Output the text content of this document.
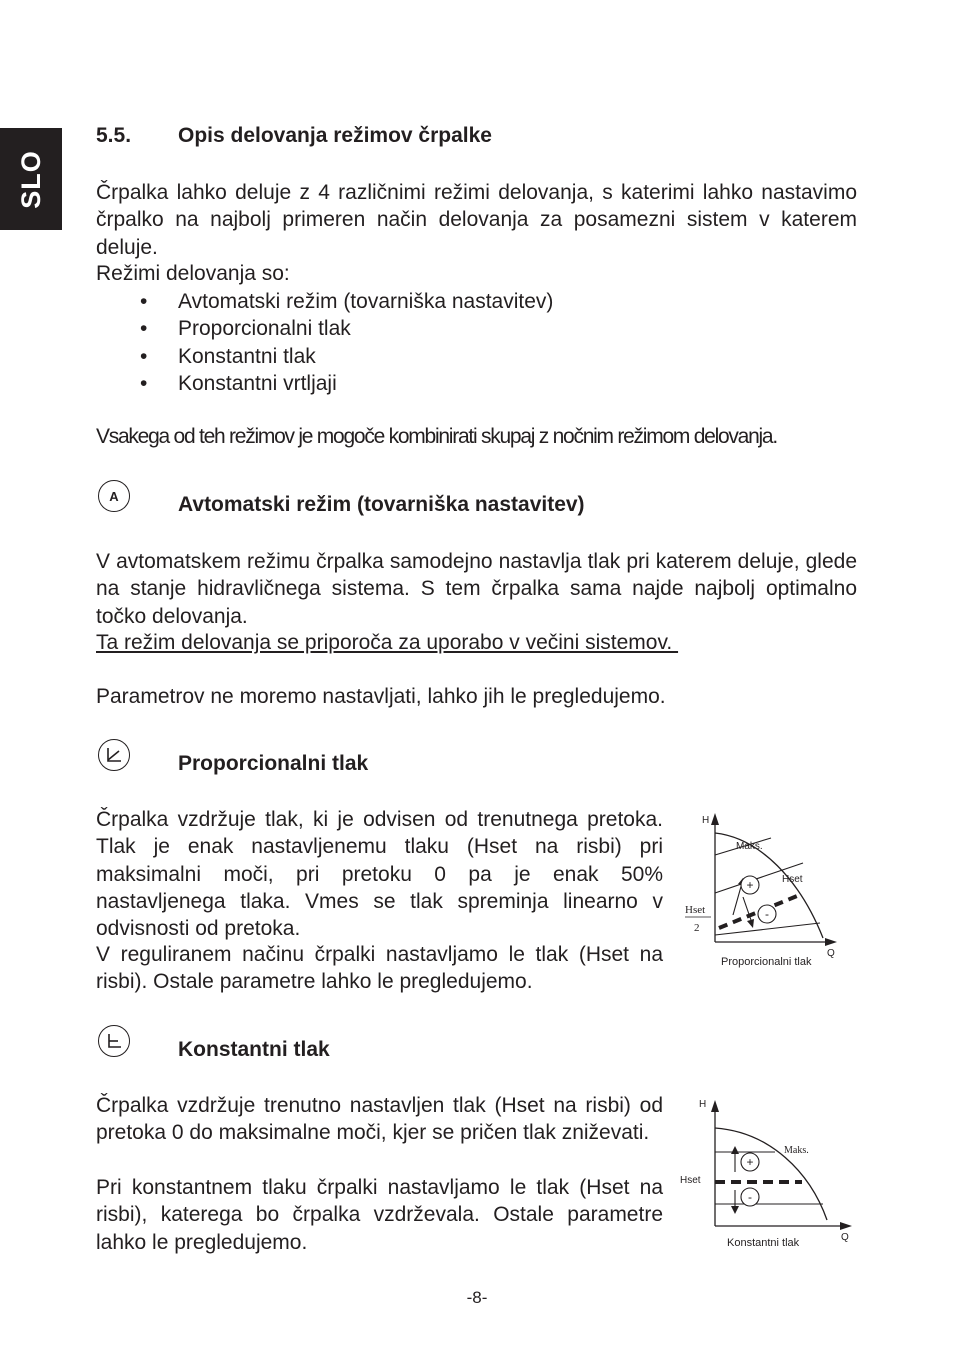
SLO
5.5. Opis delovanja režimov črpalke
Črpalka lahko deluje z 4 različnimi režimi delovanja, s katerimi lahko nastavimo črpalko na najbolj primeren način delovanja za posamezni sistem v katerem deluje.
Režimi delovanja so:
• Avtomatski režim (tovarniška nastavitev)
• Proporcionalni tlak
• Konstantni tlak
• Konstantni vrtljaji
Vsakega od teh režimov je mogoče kombinirati skupaj z nočnim režimom delovanja.
A	Avtomatski režim (tovarniška nastavitev)
V avtomatskem režimu črpalka samodejno nastavlja tlak pri katerem deluje, glede na stanje hidravličnega sistema. S tem črpalka sama najde najbolj optimalno točko delovanja.
Ta režim delovanja se priporoča za uporabo v večini sistemov.
Parametrov ne moremo nastavljati, lahko jih le pregledujemo.
Proporcionalni tlak
Črpalka vzdržuje tlak, ki je odvisen od trenutnega pretoka. Tlak je enak nastavljenemu tlaku (Hset na risbi) pri maksimalni moči, pri pretoku 0 pa je enak 50% nastavljenega tlaka. Vmes se tlak spreminja linearno v odvisnosti od pretoka.
V reguliranem načinu črpalki nastavljamo le tlak (Hset na risbi). Ostale parametre lahko le pregledujemo.
H
Q
+
-
Maks.
Hset
Hset
2
Proporcionalni tlak
Konstantni tlak
Črpalka vzdržuje trenutno nastavljen tlak (Hset na risbi) od pretoka 0 do maksimalne moči, kjer se pričen tlak zniževati.
Pri konstantnem tlaku črpalki nastavljamo le tlak (Hset na risbi), katerega bo črpalka vzdrževala. Ostale parametre lahko le pregledujemo.
H
Q
+
-
Maks.
Hset
Konstantni tlak
-8-
